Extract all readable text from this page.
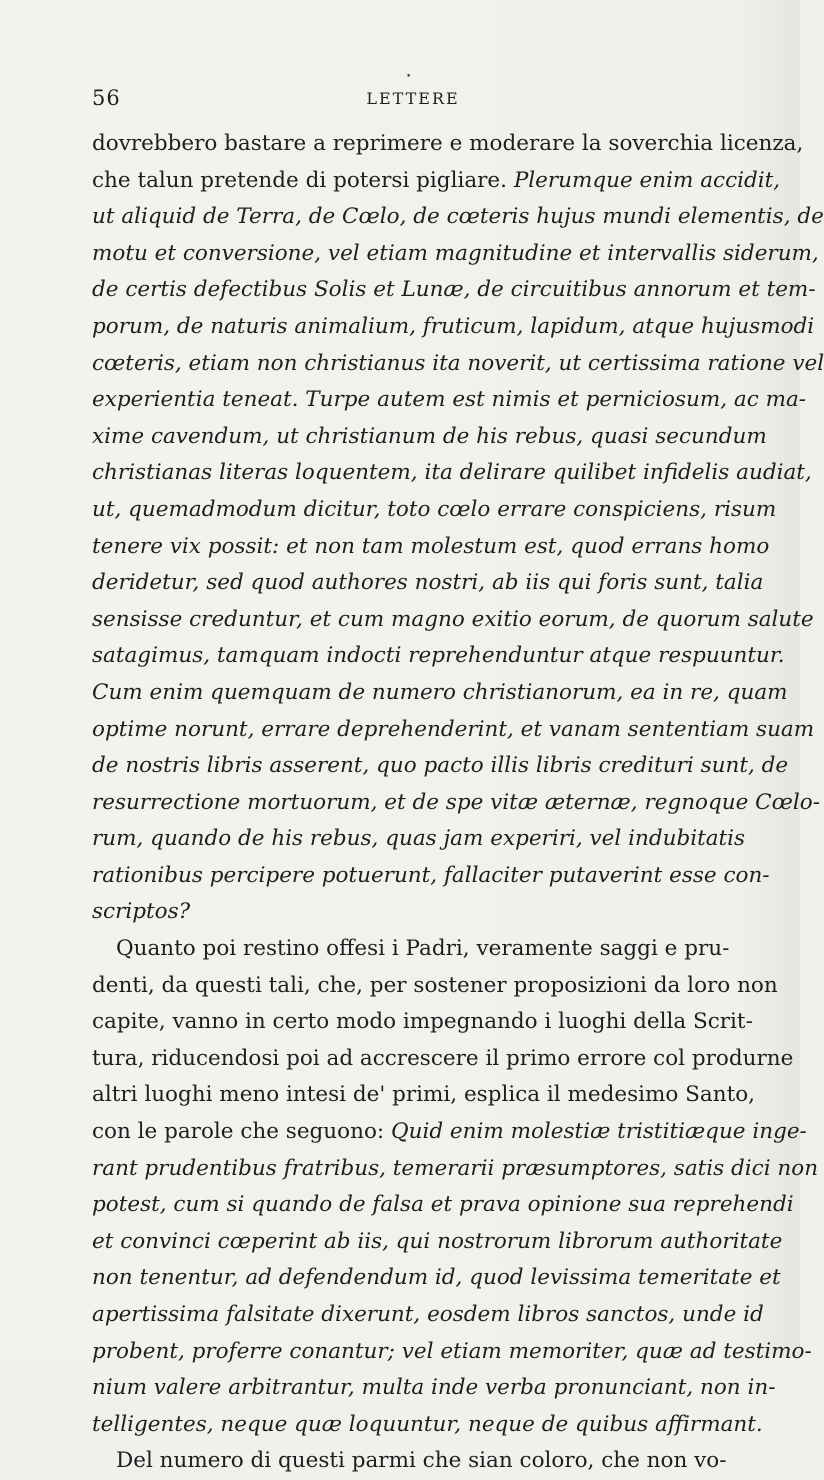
•
56	LETTERE
dovrebbero bastare a reprimere e moderare la soverchia licenza,
che talun pretende di potersi pigliare. Plerumque enim accidit,
ut aliquid de Terra, de Cœlo, de cœteris hujus mundi elementis, de
motu et conversione, vel etiam magnitudine et intervallis siderum,
de certis defectibus Solis et Lunæ, de circuitibus annorum et tem-
porum, de naturis animalium, fruticum, lapidum, atque hujusmodi
cœteris, etiam non christianus ita noverit, ut certissima ratione vel
experientia teneat. Turpe autem est nimis et perniciosum, ac ma-
xime cavendum, ut christianum de his rebus, quasi secundum
christianas literas loquentem, ita delirare quilibet infidelis audiat,
ut, quemadmodum dicitur, toto cœlo errare conspiciens, risum
tenere vix possit: et non tam molestum est, quod errans homo
deridetur, sed quod authores nostri, ab iis qui foris sunt, talia
sensisse creduntur, et cum magno exitio eorum, de quorum salute
satagimus, tamquam indocti reprehenduntur atque respuuntur.
Cum enim quemquam de numero christianorum, ea in re, quam
optime norunt, errare deprehenderint, et vanam sententiam suam
de nostris libris asserent, quo pacto illis libris credituri sunt, de
resurrectione mortuorum, et de spe vitæ æternæ, regnoque Cœlo-
rum, quando de his rebus, quas jam experiri, vel indubitatis
rationibus percipere potuerunt, fallaciter putaverint esse con-
scriptos?
Quanto poi restino offesi i Padri, veramente saggi e pru-
denti, da questi tali, che, per sostener proposizioni da loro non
capite, vanno in certo modo impegnando i luoghi della Scrit-
tura, riducendosi poi ad accrescere il primo errore col produrne
altri luoghi meno intesi de' primi, esplica il medesimo Santo,
con le parole che seguono: Quid enim molestiæ tristitiæque inge-
rant prudentibus fratribus, temerarii præsumptores, satis dici non
potest, cum si quando de falsa et prava opinione sua reprehendi
et convinci cœperint ab iis, qui nostrorum librorum authoritate
non tenentur, ad defendendum id, quod levissima temeritate et
apertissima falsitate dixerunt, eosdem libros sanctos, unde id
probent, proferre conantur; vel etiam memoriter, quæ ad testimo-
nium valere arbitrantur, multa inde verba pronunciant, non in-
telligentes, neque quæ loquuntur, neque de quibus affirmant.
Del numero di questi parmi che sian coloro, che non vo-
